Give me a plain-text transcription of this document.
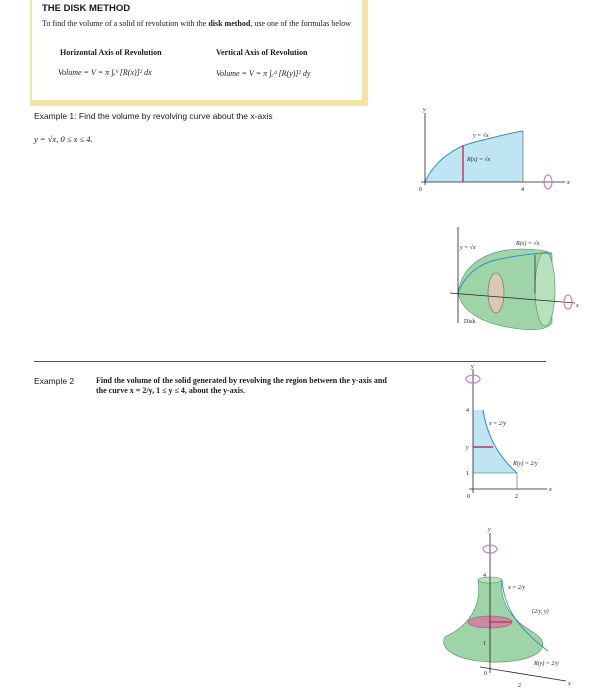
THE DISK METHOD
To find the volume of a solid of revolution with the disk method, use one of the formulas below
Horizontal Axis of Revolution	Vertical Axis of Revolution
Volume = V = π ∫ₐᵇ [R(x)]² dx	Volume = V = π ∫꜀ᵈ [R(y)]² dy
Example 1: Find the volume by revolving curve about the x-axis
y = √x, 0 ≤ x ≤ 4.
y
x
0	4
y = √x
R(x) = √x
y = √x
R(x) = √x
Disk
x
Example 2	Find the volume of the solid generated by revolving the region between the y-axis and the curve x = 2/y, 1 ≤ y ≤ 4, about the y-axis.
y
x
4
1
y
0	2
x = 2/y
R(y) = 2/y
y
x
4
1
0
2
x = 2/y
(2/y, y)
R(y) = 2/y
